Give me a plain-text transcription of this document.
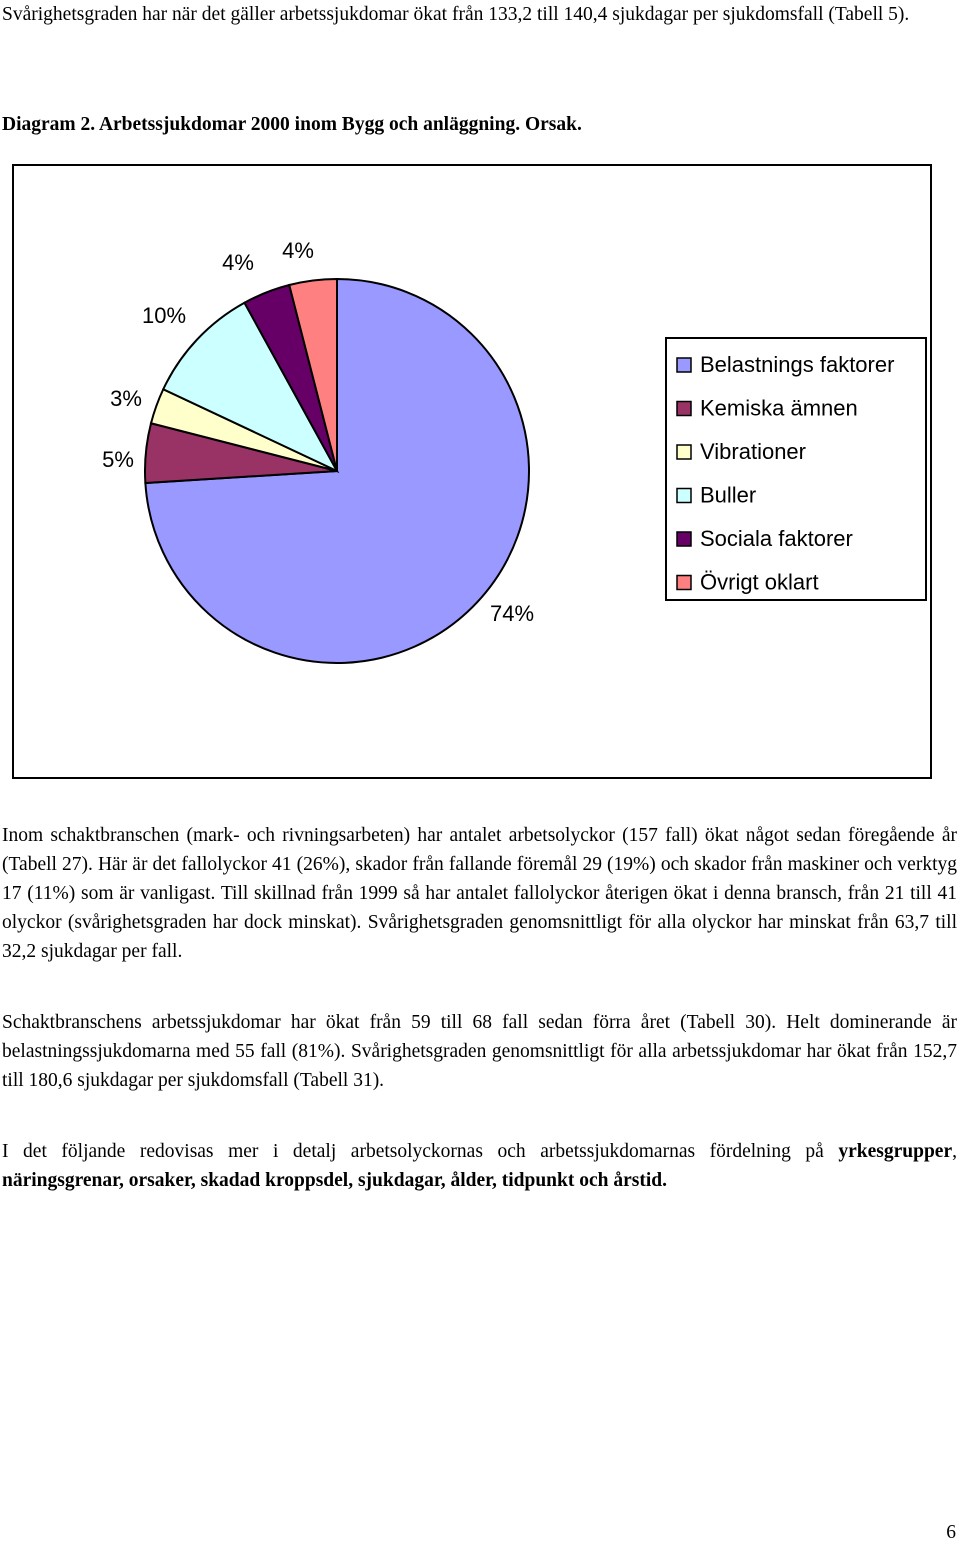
Svårighetsgraden har när det gäller arbetssjukdomar ökat från 133,2 till 140,4 sjukdagar per sjukdomsfall (Tabell 5).

Diagram 2. Arbetssjukdomar 2000 inom Bygg och anläggning. Orsak.

74%
5%
3%
10%
4% 4%
Belastnings faktorer
Kemiska ämnen
Vibrationer
Buller
Sociala faktorer
Övrigt oklart

Inom schaktbranschen (mark- och rivningsarbeten) har antalet arbetsolyckor (157 fall) ökat något sedan föregående år (Tabell 27). Här är det fallolyckor 41 (26%), skador från fallande föremål 29 (19%) och skador från maskiner och verktyg 17 (11%) som är vanligast. Till skillnad från 1999 så har antalet fallolyckor återigen ökat i denna bransch, från 21 till 41 olyckor (svårighetsgraden har dock minskat). Svårighetsgraden genomsnittligt för alla olyckor har minskat från 63,7 till 32,2 sjukdagar per fall.

Schaktbranschens arbetssjukdomar har ökat från 59 till 68 fall sedan förra året (Tabell 30). Helt dominerande är belastningssjukdomarna med 55 fall (81%). Svårighetsgraden genomsnittligt för alla arbetssjukdomar har ökat från 152,7 till 180,6 sjukdagar per sjukdomsfall (Tabell 31).

I det följande redovisas mer i detalj arbetsolyckornas och arbetssjukdomarnas fördelning på yrkesgrupper, näringsgrenar, orsaker, skadad kroppsdel, sjukdagar, ålder, tidpunkt och årstid.

6
